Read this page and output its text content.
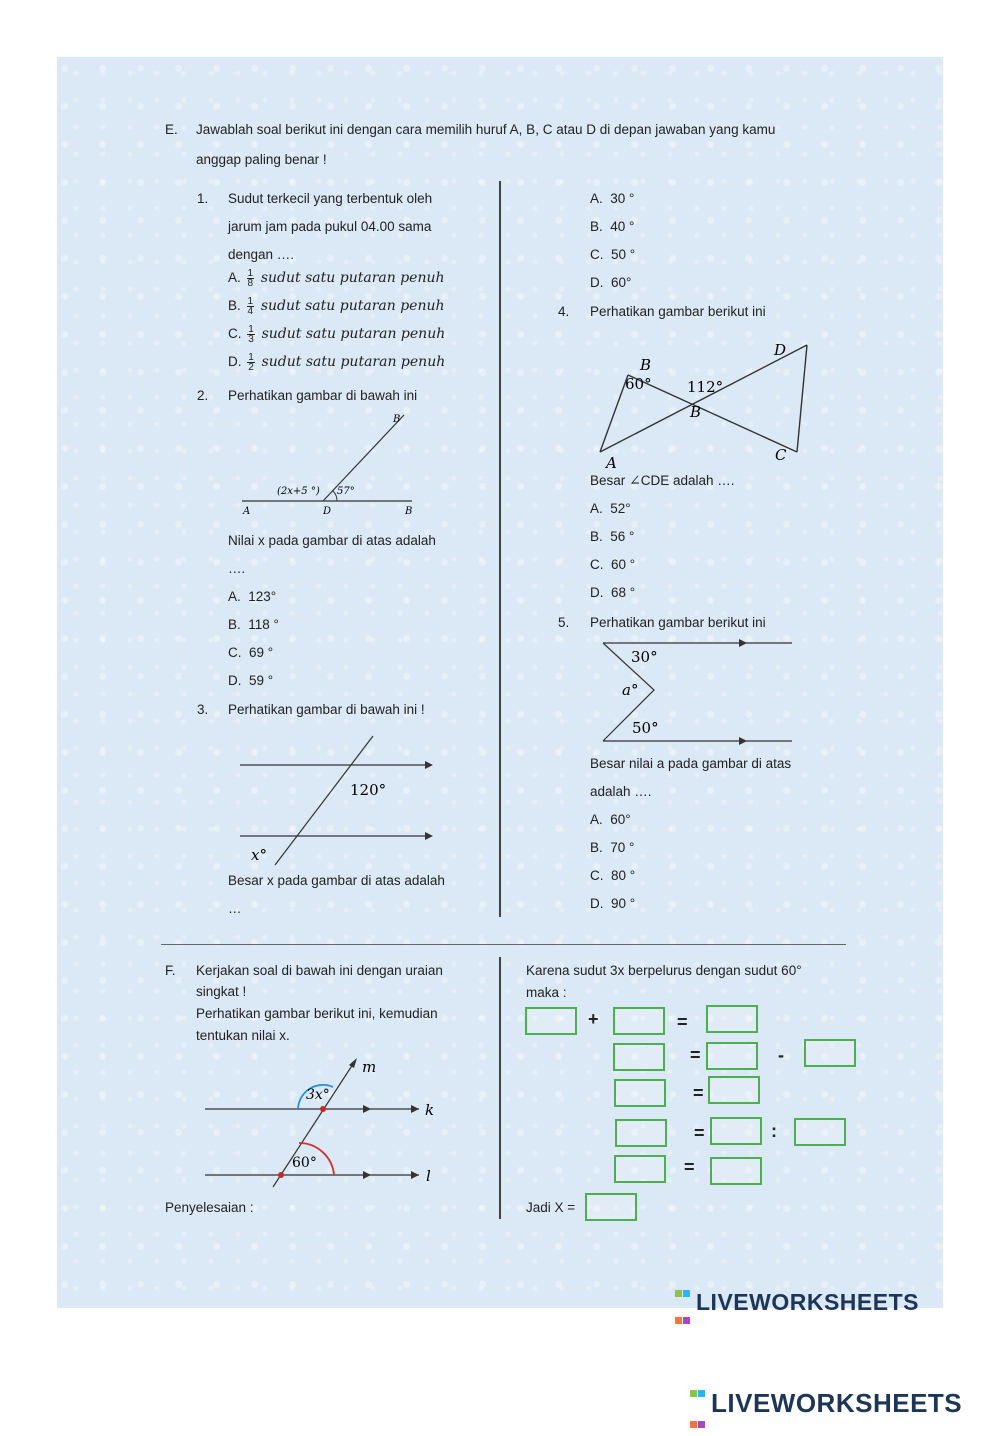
E. Jawablah soal berikut ini dengan cara memilih huruf A, B, C atau D di depan jawaban yang kamu
anggap paling benar !
1. Sudut terkecil yang terbentuk oleh
jarum jam pada pukul 04.00 sama
dengan ….
A. $\frac{1}{8}$ sudut satu putaran penuh
B. $\frac{1}{4}$ sudut satu putaran penuh
C. $\frac{1}{3}$ sudut satu putaran penuh
D. $\frac{1}{2}$ sudut satu putaran penuh
2. Perhatikan gambar di bawah ini
B
(2x+5 °) 57°
A	D	B
Nilai x pada gambar di atas adalah
….
A. 123°
B. 118 °
C. 69 °
D. 59 °
3. Perhatikan gambar di bawah ini !
120°
x°
Besar x pada gambar di atas adalah
…
A. 30 °
B. 40 °
C. 50 °
D. 60°
4. Perhatikan gambar berikut ini
B
D
60° 112°
B
A	C
Besar ∠CDE adalah ….
A. 52°
B. 56 °
C. 60 °
D. 68 °
5. Perhatikan gambar berikut ini
30°
a°
50°
Besar nilai a pada gambar di atas
adalah ….
A. 60°
B. 70 °
C. 80 °
D. 90 °
F. Kerjakan soal di bawah ini dengan uraian
singkat !
Perhatikan gambar berikut ini, kemudian
tentukan nilai x.
m
k
l
3x°
60°
Penyelesaian :
Karena sudut 3x berpelurus dengan sudut 60°
maka :
+	=
=	-
=
=	:
=
Jadi X =
LIVEWORKSHEETS
LIVEWORKSHEETS
